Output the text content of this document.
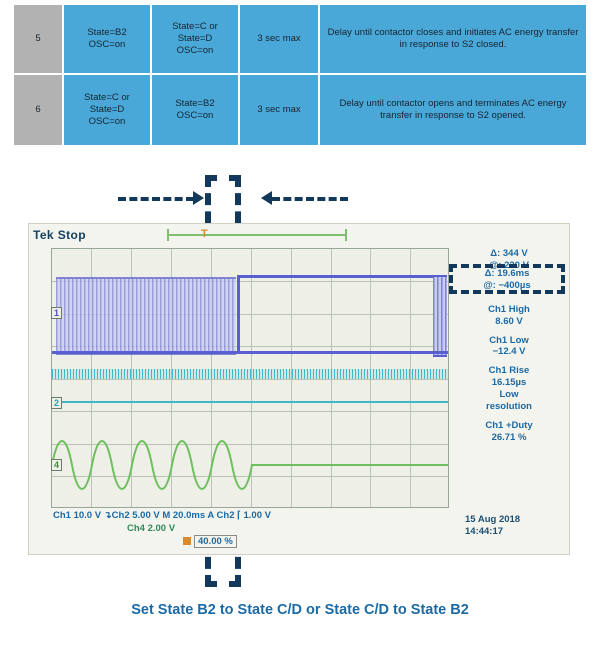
5	State=B2
OSC=on	State=C or
State=D
OSC=on	3 sec max	Delay until contactor closes and initiates AC energy transfer in response to S2 closed.
6	State=C or
State=D
OSC=on	State=B2
OSC=on	3 sec max	Delay until contactor opens and terminates AC energy transfer in response to S2 opened.
Tek Stop	T
1
2
4
Δ: 344 V
@: 220 V
Ch1 High
8.60 V
Ch1 Low
−12.4 V
Ch1 Rise
16.15µs
Low
resolution
Ch1 +Duty
26.71 %
Δ: 19.6ms
@: −400µs
Ch1 10.0 V ↴Ch2 5.00 V M 20.0ms A Ch2 ⌈ 1.00 V
Ch4 2.00 V
40.00 %
15 Aug 2018
14:44:17
Set State B2 to State C/D or State C/D to State B2
